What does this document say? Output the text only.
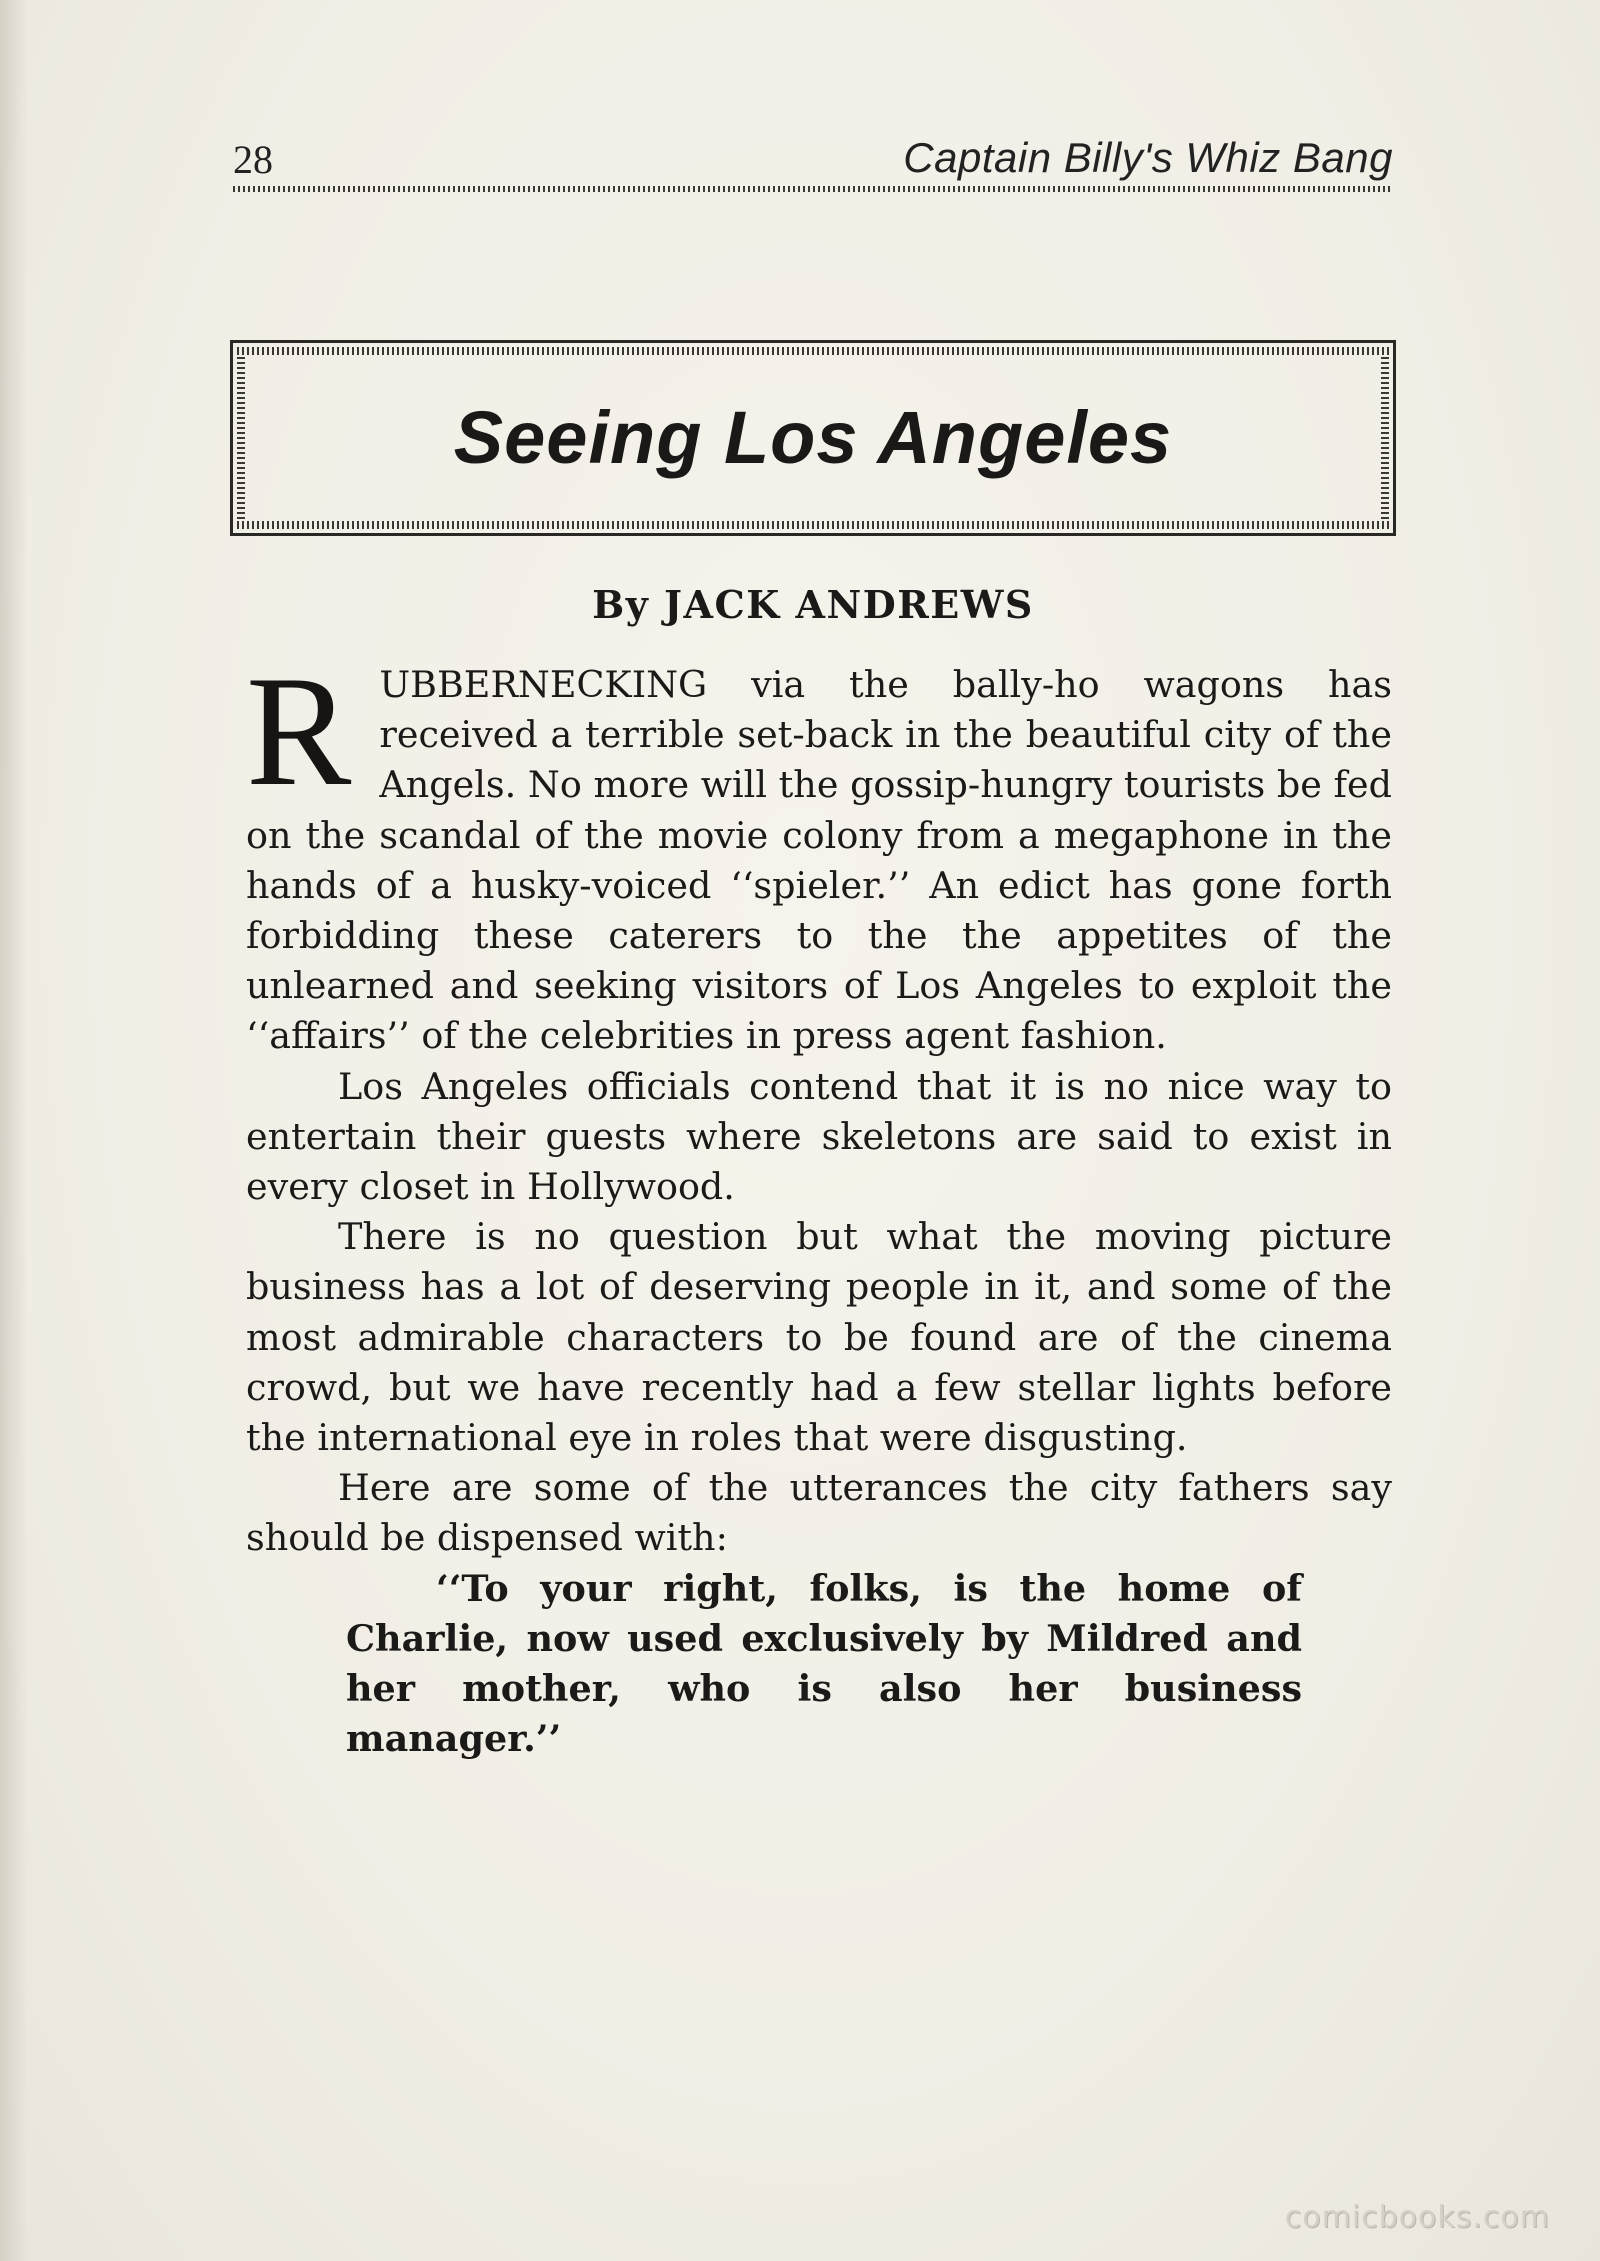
28	Captain Billy's Whiz Bang
Seeing Los Angeles
By JACK ANDREWS

RUBBERNECKING via the bally-ho wagons has received a terrible set-back in the beautiful city of the Angels. No more will the gossip-hungry tourists be fed on the scandal of the movie colony from a megaphone in the hands of a husky-voiced ‘‘spieler.’’ An edict has gone forth forbidding these caterers to the the appetites of the unlearned and seeking visitors of Los Angeles to exploit the ‘‘affairs’’ of the celebrities in press agent fashion.

Los Angeles officials contend that it is no nice way to entertain their guests where skeletons are said to exist in every closet in Hollywood.

There is no question but what the moving picture business has a lot of deserving people in it, and some of the most admirable characters to be found are of the cinema crowd, but we have recently had a few stellar lights before the international eye in roles that were disgusting.

Here are some of the utterances the city fathers say should be dispensed with:

‘‘To your right, folks, is the home of Charlie, now used exclusively by Mildred and her mother, who is also her business manager.’’

comicbooks.com
